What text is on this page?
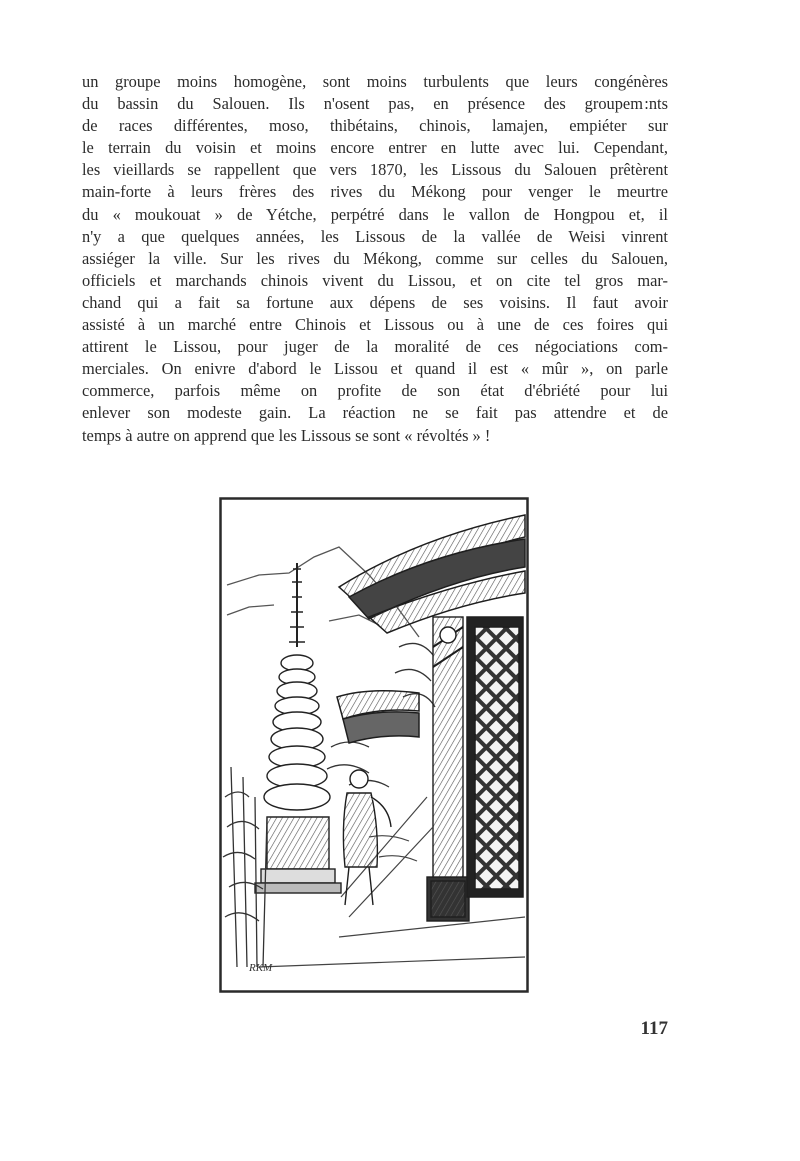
un groupe moins homogène, sont moins turbulents que leurs congénères
du bassin du Salouen. Ils n'osent pas, en présence des groupem :nts
de races différentes, moso, thibétains, chinois, lamajen, empiéter sur
le terrain du voisin et moins encore entrer en lutte avec lui. Cependant,
les vieillards se rappellent que vers 1870, les Lissous du Salouen prêtèrent
main-forte à leurs frères des rives du Mékong pour venger le meurtre
du « moukouat » de Yétche, perpétré dans le vallon de Hongpou et, il
n'y a que quelques années, les Lissous de la vallée de Weisi vinrent
assiéger la ville. Sur les rives du Mékong, comme sur celles du Salouen,
officiels et marchands chinois vivent du Lissou, et on cite tel gros mar-
chand qui a fait sa fortune aux dépens de ses voisins. Il faut avoir
assisté à un marché entre Chinois et Lissous ou à une de ces foires qui
attirent le Lissou, pour juger de la moralité de ces négociations com-
merciales. On enivre d'abord le Lissou et quand il est « mûr », on parle
commerce, parfois même on profite de son état d'ébriété pour lui
enlever son modeste gain. La réaction ne se fait pas attendre et de
temps à autre on apprend que les Lissous se sont « révoltés » !
RKM
117
